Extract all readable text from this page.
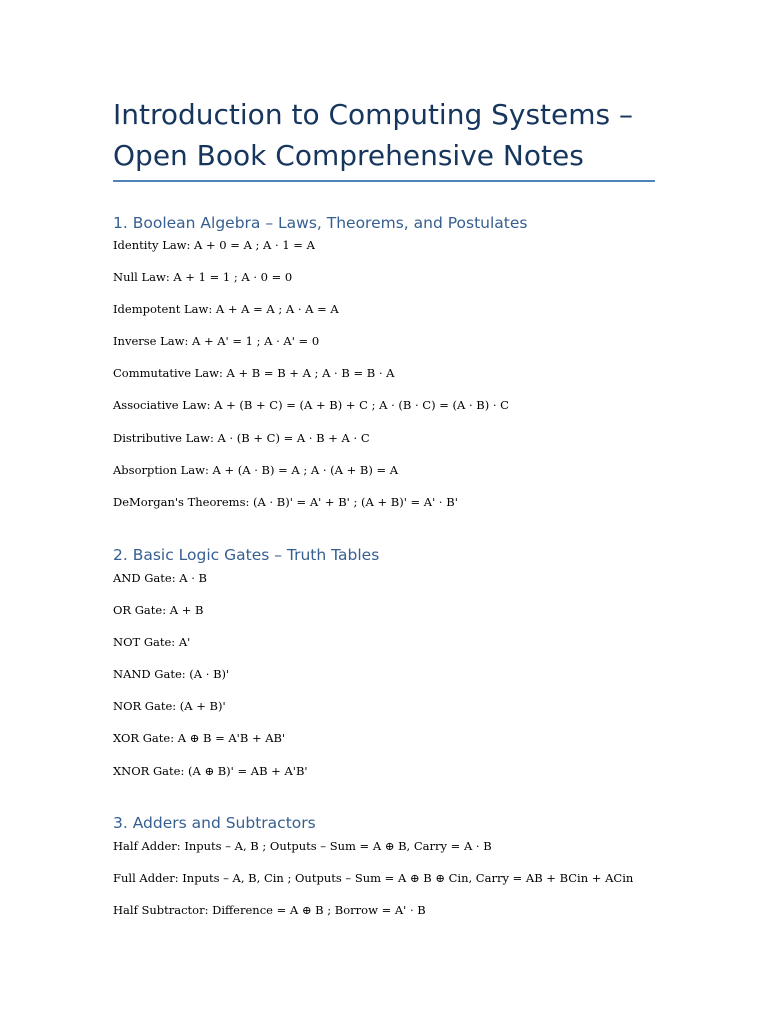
Introduction to Computing Systems – Open Book Comprehensive Notes
1. Boolean Algebra – Laws, Theorems, and Postulates
Identity Law: A + 0 = A ; A · 1 = A
Null Law: A + 1 = 1 ; A · 0 = 0
Idempotent Law: A + A = A ; A · A = A
Inverse Law: A + A' = 1 ; A · A' = 0
Commutative Law: A + B = B + A ; A · B = B · A
Associative Law: A + (B + C) = (A + B) + C ; A · (B · C) = (A · B) · C
Distributive Law: A · (B + C) = A · B + A · C
Absorption Law: A + (A · B) = A ; A · (A + B) = A
DeMorgan's Theorems: (A · B)' = A' + B' ; (A + B)' = A' · B'
2. Basic Logic Gates – Truth Tables
AND Gate: A · B
OR Gate: A + B
NOT Gate: A'
NAND Gate: (A · B)'
NOR Gate: (A + B)'
XOR Gate: A ⊕ B = A'B + AB'
XNOR Gate: (A ⊕ B)' = AB + A'B'
3. Adders and Subtractors
Half Adder: Inputs – A, B ; Outputs – Sum = A ⊕ B, Carry = A · B
Full Adder: Inputs – A, B, Cin ; Outputs – Sum = A ⊕ B ⊕ Cin, Carry = AB + BCin + ACin
Half Subtractor: Difference = A ⊕ B ; Borrow = A' · B
